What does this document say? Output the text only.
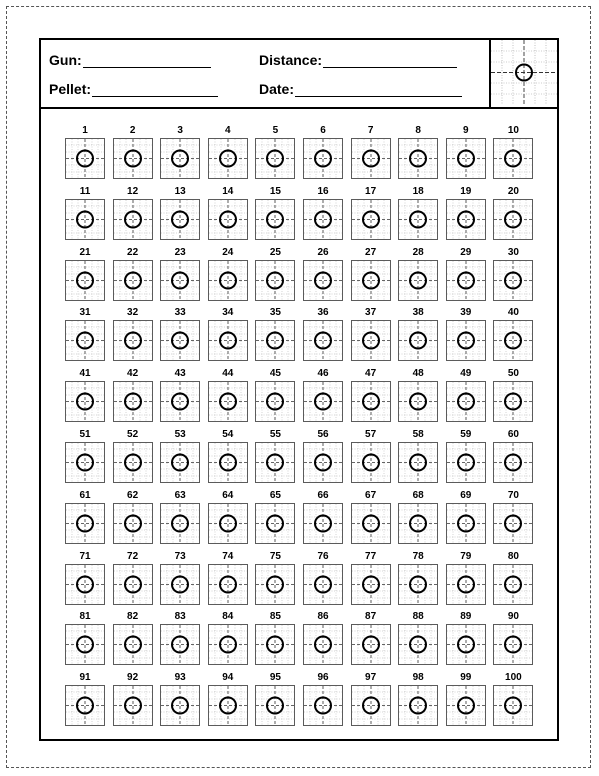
Gun:	Distance:
Pellet:	Date:
1	2	3	4	5	6	7	8	9	10
11	12	13	14	15	16	17	18	19	20
21	22	23	24	25	26	27	28	29	30
31	32	33	34	35	36	37	38	39	40
41	42	43	44	45	46	47	48	49	50
51	52	53	54	55	56	57	58	59	60
61	62	63	64	65	66	67	68	69	70
71	72	73	74	75	76	77	78	79	80
81	82	83	84	85	86	87	88	89	90
91	92	93	94	95	96	97	98	99	100
